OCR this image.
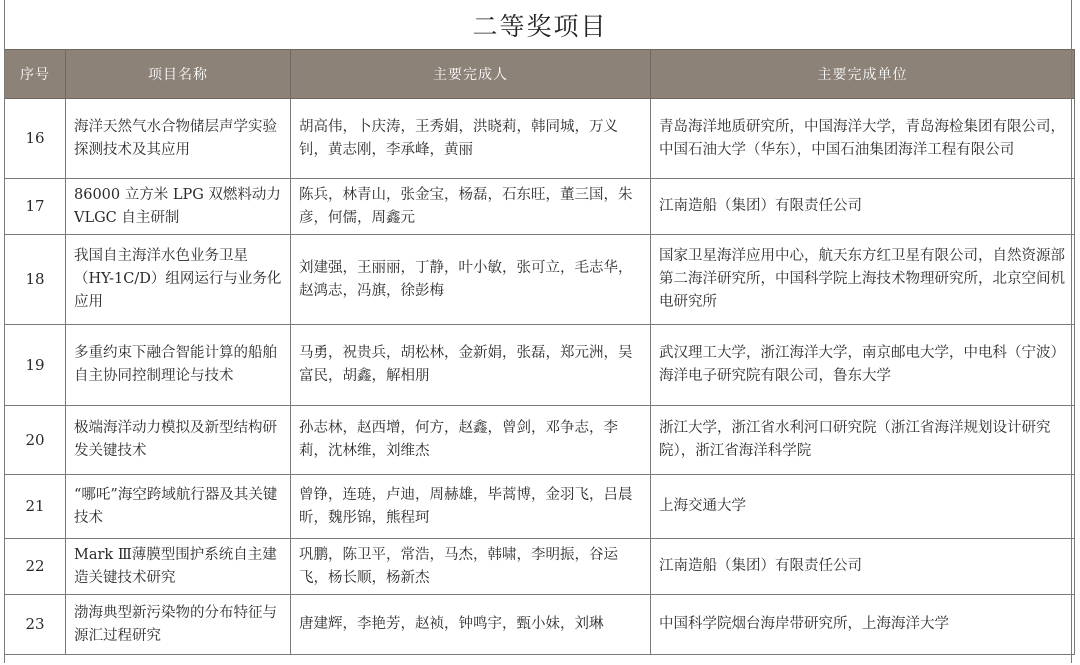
二等奖项目
序号	项目名称	主要完成人	主要完成单位
16	海洋天然气水合物储层声学实验探测技术及其应用	胡高伟，卜庆涛，王秀娟，洪晓莉，韩同城，万义钊，黄志刚，李承峰，黄丽	青岛海洋地质研究所，中国海洋大学，青岛海检集团有限公司，中国石油大学（华东），中国石油集团海洋工程有限公司
17	86000 立方米 LPG 双燃料动力 VLGC 自主研制	陈兵，林青山，张金宝，杨磊，石东旺，董三国，朱彦，何儒，周鑫元	江南造船（集团）有限责任公司
18	我国自主海洋水色业务卫星（HY-1C/D）组网运行与业务化应用	刘建强，王丽丽，丁静，叶小敏，张可立，毛志华，赵鸿志，冯旗，徐彭梅	国家卫星海洋应用中心，航天东方红卫星有限公司，自然资源部第二海洋研究所，中国科学院上海技术物理研究所，北京空间机电研究所
19	多重约束下融合智能计算的船舶自主协同控制理论与技术	马勇，祝贵兵，胡松林，金新娟，张磊，郑元洲，吴富民，胡鑫，解相朋	武汉理工大学，浙江海洋大学，南京邮电大学，中电科（宁波）海洋电子研究院有限公司，鲁东大学
20	极端海洋动力模拟及新型结构研发关键技术	孙志林，赵西增，何方，赵鑫，曾剑，邓争志，李莉，沈林维，刘维杰	浙江大学，浙江省水利河口研究院（浙江省海洋规划设计研究院），浙江省海洋科学院
21	“哪吒”海空跨域航行器及其关键技术	曾铮，连琏，卢迪，周赫雄，毕蒿博，金羽飞，吕晨昕，魏彤锦，熊程珂	上海交通大学
22	Mark Ⅲ薄膜型围护系统自主建造关键技术研究	巩鹏，陈卫平，常浩，马杰，韩啸，李明振，谷运飞，杨长顺，杨新杰	江南造船（集团）有限责任公司
23	渤海典型新污染物的分布特征与源汇过程研究	唐建辉，李艳芳，赵祯，钟鸣宇，甄小妹，刘琳	中国科学院烟台海岸带研究所，上海海洋大学
